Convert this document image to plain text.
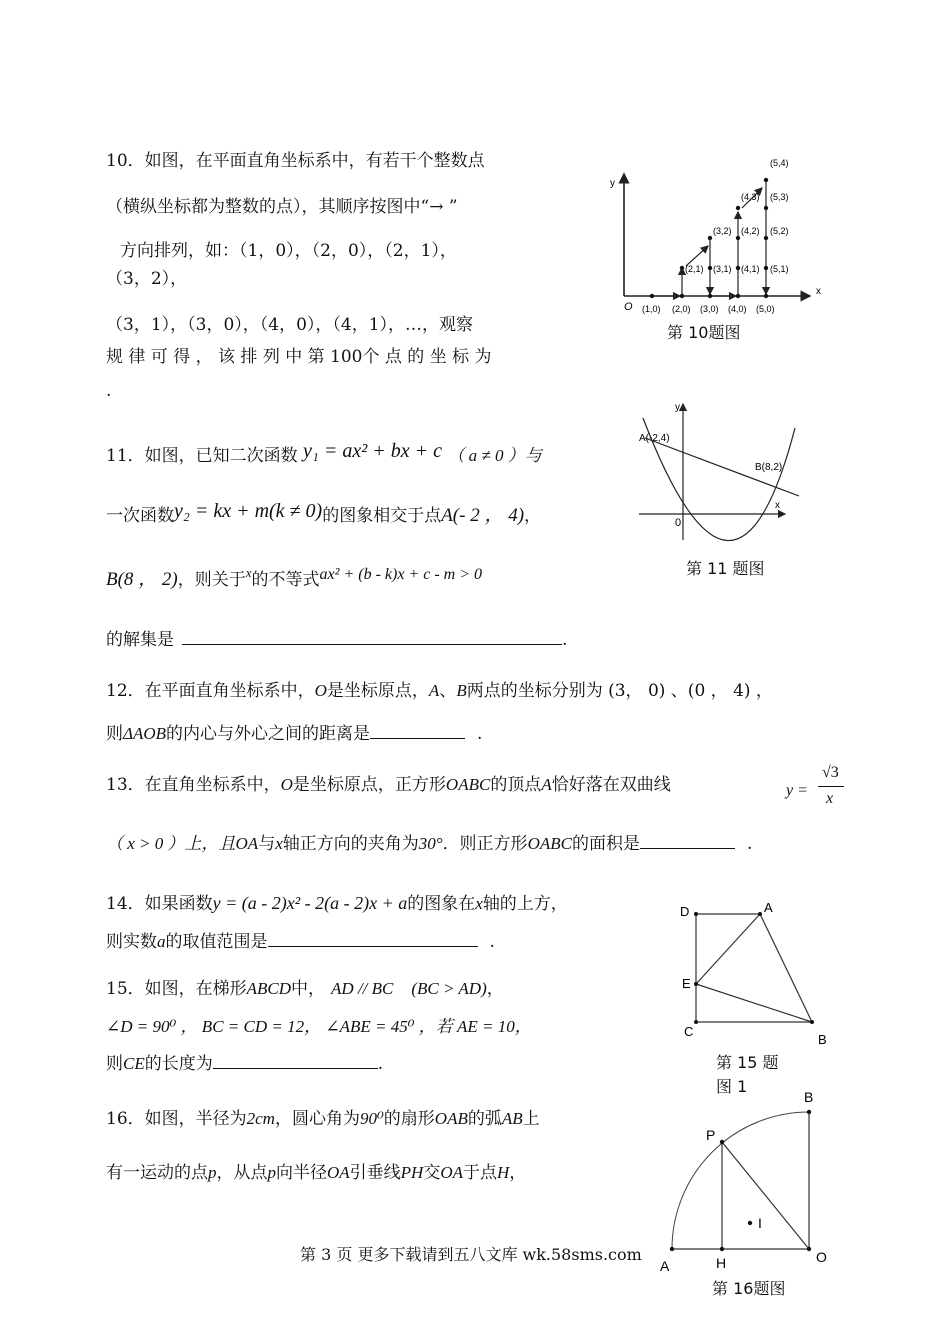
10．如图，在平面直角坐标系中，有若干个整数点
（横纵坐标都为整数的点），其顺序按图中“→ ”
方向排列，如：（1，0），（2，0），（2，1），
（3，2），
（3，1），（3，0），（4，0），（4，1），…，观察
规 律 可 得 ， 该 排 列 中 第 100个 点 的 坐 标 为
.
y
x
O
(5,4)
(4,3) (5,3)
(3,2) (4,2) (5,2)
(2,1) (3,1) (4,1) (5,1)
(1,0) (2,0) (3,0) (4,0) (5,0)
第 10题图
11．如图，已知二次函数 y₁ = ax² + bx + c （ a ≠ 0 ）与
一次函数y₂ = kx + m(k ≠ 0)的图象相交于点A(- 2 ， 4)，
B(8 ， 2)，则关于$^x$的不等式ax² + (b - k)x + c - m > 0
的解集是	.
y
x
0
A(-2,4)
B(8,2)
第 11 题图
12．在平面直角坐标系中，O是坐标原点，A、B两点的坐标分别为 (3， 0) 、(0 ， 4) ，
则ΔAOB的内心与外心之间的距离是	.
13．在直角坐标系中，O是坐标原点，正方形OABC的顶点A恰好落在双曲线	y =
√3
x
（ x > 0 ）上，且OA与x轴正方向的夹角为30°．则正方形OABC的面积是	.
14．如果函数y = (a - 2)x² - 2(a - 2)x + a的图象在x轴的上方，
则实数a的取值范围是	.
15．如图，在梯形ABCD中， AD // BC (BC > AD)，
∠D = 90⁰ ， BC = CD = 12， ∠ABE = 45⁰ ，若 AE = 10，
则CE的长度为	.
D	A
E
C
B
第 15 题
图 1
16．如图，半径为2cm，圆心角为90⁰的扇形OAB的弧AB上
有一运动的点p，从点p向半径OA引垂线PH交OA于点H，
B
P
I
A	H	O
第 16题图
第 3 页 更多下载请到五八文库 wk.58sms.com
